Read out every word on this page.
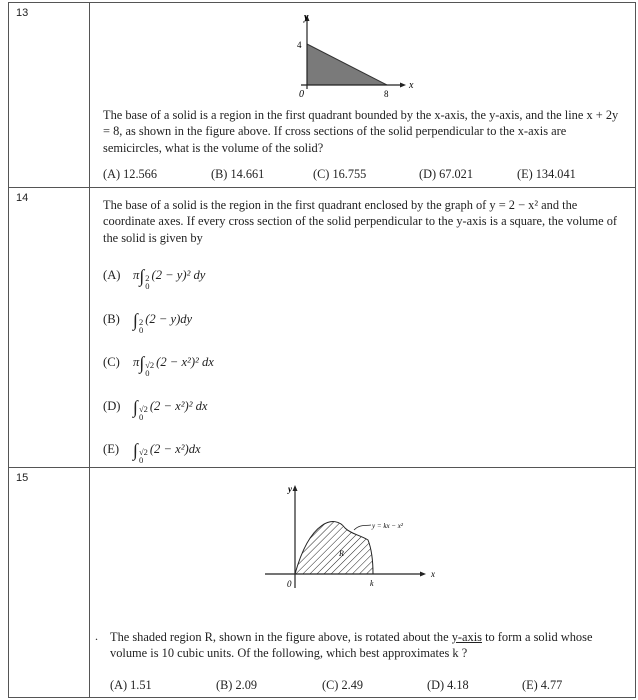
13	y
x
4
0	8
The base of a solid is a region in the first quadrant bounded by the x-axis, the y-axis, and the line x + 2y = 8, as shown in the figure above. If cross sections of the solid perpendicular to the x-axis are semicircles, what is the volume of the solid?
(A) 12.566	(B) 14.661	(C) 16.755	(D) 67.021	(E) 134.041
14	The base of a solid is the region in the first quadrant enclosed by the graph of y = 2 − x² and the coordinate axes. If every cross section of the solid perpendicular to the y-axis is a square, the volume of the solid is given by
(A) π∫ 2
0
(2 − y)² dy
(B) ∫ 2
0
(2 − y)dy
(C) π∫ √2
0
(2 − x²)² dx
(D) ∫ √2
0
(2 − x²)² dx
(E) ∫ √2
0
(2 − x²)dx
15
y
x
0	k
R
y = kx − x²
. The shaded region R, shown in the figure above, is rotated about the y-axis to form a solid whose volume is 10 cubic units. Of the following, which best approximates k ?
(A) 1.51	(B) 2.09	(C) 2.49	(D) 4.18	(E) 4.77
